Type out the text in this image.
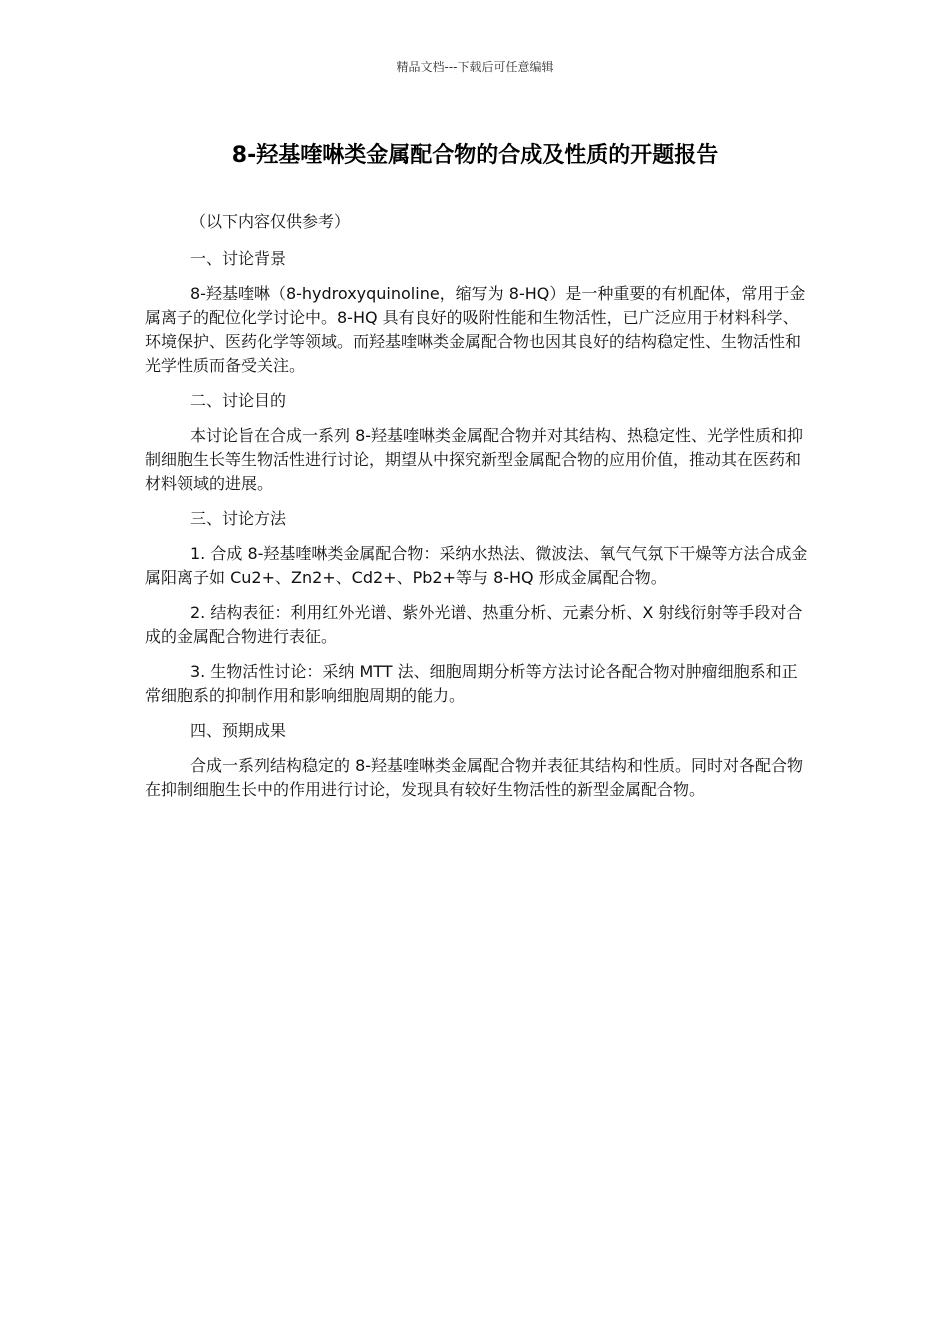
精品文档---下载后可任意编辑
8-羟基喹啉类金属配合物的合成及性质的开题报告

（以下内容仅供参考）

一、讨论背景

8-羟基喹啉（8-hydroxyquinoline，缩写为 8-HQ）是一种重要的有机配体，常用于金属离子的配位化学讨论中。8-HQ 具有良好的吸附性能和生物活性，已广泛应用于材料科学、环境保护、医药化学等领域。而羟基喹啉类金属配合物也因其良好的结构稳定性、生物活性和光学性质而备受关注。

二、讨论目的

本讨论旨在合成一系列 8-羟基喹啉类金属配合物并对其结构、热稳定性、光学性质和抑制细胞生长等生物活性进行讨论，期望从中探究新型金属配合物的应用价值，推动其在医药和材料领域的进展。

三、讨论方法

1. 合成 8-羟基喹啉类金属配合物：采纳水热法、微波法、氧气气氛下干燥等方法合成金属阳离子如 Cu2+、Zn2+、Cd2+、Pb2+等与 8-HQ 形成金属配合物。

2. 结构表征：利用红外光谱、紫外光谱、热重分析、元素分析、X 射线衍射等手段对合成的金属配合物进行表征。

3. 生物活性讨论：采纳 MTT 法、细胞周期分析等方法讨论各配合物对肿瘤细胞系和正常细胞系的抑制作用和影响细胞周期的能力。

四、预期成果

合成一系列结构稳定的 8-羟基喹啉类金属配合物并表征其结构和性质。同时对各配合物在抑制细胞生长中的作用进行讨论，发现具有较好生物活性的新型金属配合物。
